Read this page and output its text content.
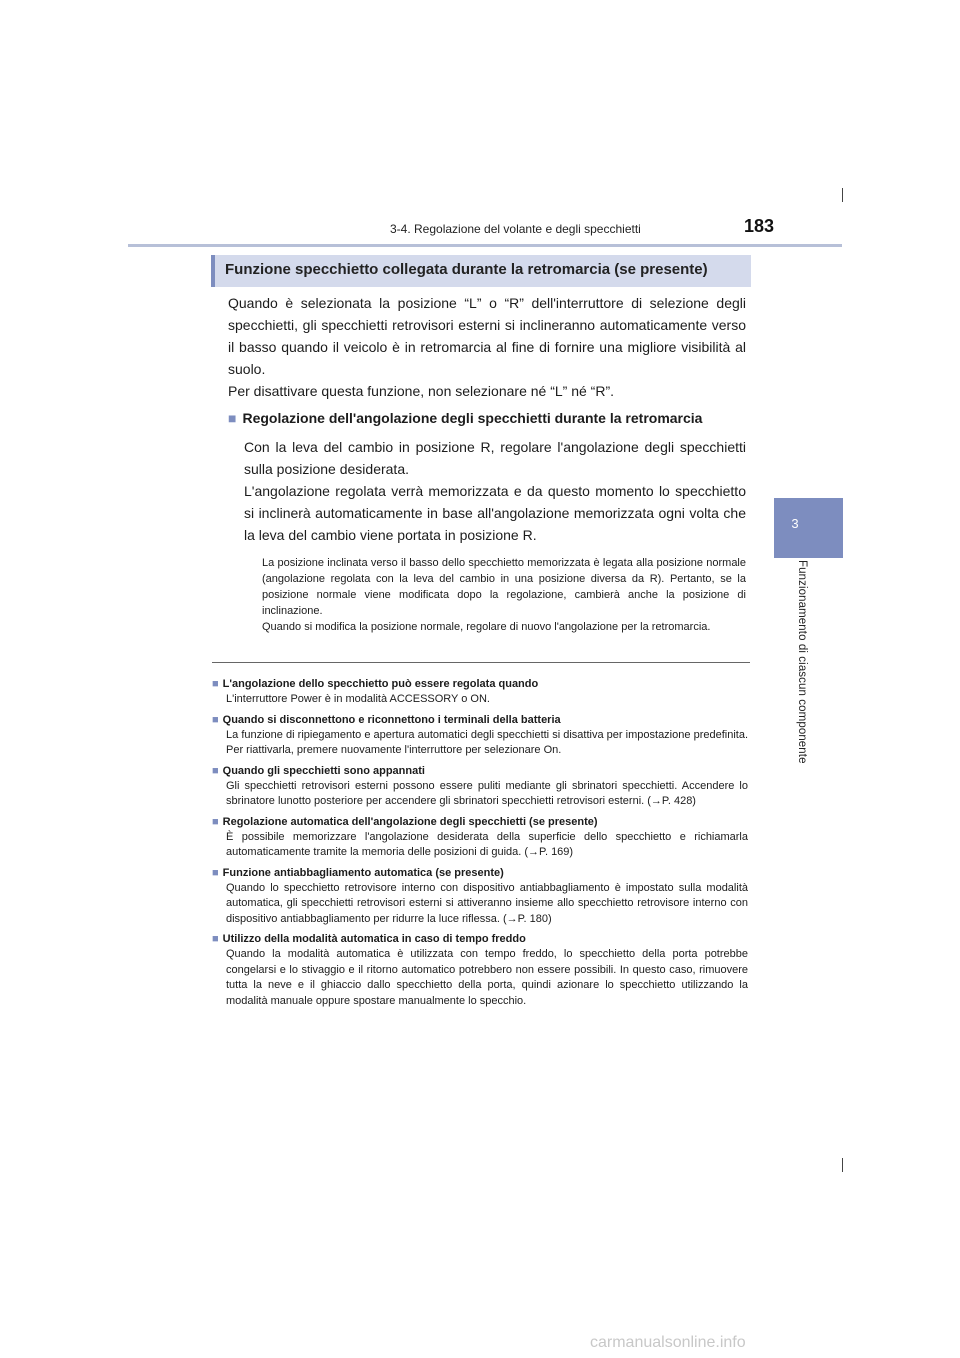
3-4. Regolazione del volante e degli specchietti	183
3
Funzionamento di ciascun componente
Funzione specchietto collegata durante la retromarcia (se presente)

Quando è selezionata la posizione “L” o “R” dell'interruttore di selezione degli specchietti, gli specchietti retrovisori esterni si inclineranno automaticamente verso il basso quando il veicolo è in retromarcia al fine di fornire una migliore visibilità al suolo.

Per disattivare questa funzione, non selezionare né “L” né “R”.

■ Regolazione dell'angolazione degli specchietti durante la retromarcia

Con la leva del cambio in posizione R, regolare l'angolazione degli specchietti sulla posizione desiderata.

L'angolazione regolata verrà memorizzata e da questo momento lo specchietto si inclinerà automaticamente in base all'angolazione memorizzata ogni volta che la leva del cambio viene portata in posizione R.

La posizione inclinata verso il basso dello specchietto memorizzata è legata alla posizione normale (angolazione regolata con la leva del cambio in una posizione diversa da R). Pertanto, se la posizione normale viene modificata dopo la regolazione, cambierà anche la posizione di inclinazione.

Quando si modifica la posizione normale, regolare di nuovo l'angolazione per la retromarcia.

■ L'angolazione dello specchietto può essere regolata quando
L'interruttore Power è in modalità ACCESSORY o ON.
■ Quando si disconnettono e riconnettono i terminali della batteria
La funzione di ripiegamento e apertura automatici degli specchietti si disattiva per impostazione predefinita. Per riattivarla, premere nuovamente l'interruttore per selezionare On.
■ Quando gli specchietti sono appannati
Gli specchietti retrovisori esterni possono essere puliti mediante gli sbrinatori specchietti. Accendere lo sbrinatore lunotto posteriore per accendere gli sbrinatori specchietti retrovisori esterni. (→P. 428)
■ Regolazione automatica dell'angolazione degli specchietti (se presente)
È possibile memorizzare l'angolazione desiderata della superficie dello specchietto e richiamarla automaticamente tramite la memoria delle posizioni di guida. (→P. 169)
■ Funzione antiabbagliamento automatica (se presente)
Quando lo specchietto retrovisore interno con dispositivo antiabbagliamento è impostato sulla modalità automatica, gli specchietti retrovisori esterni si attiveranno insieme allo specchietto retrovisore interno con dispositivo antiabbagliamento per ridurre la luce riflessa. (→P. 180)
■ Utilizzo della modalità automatica in caso di tempo freddo
Quando la modalità automatica è utilizzata con tempo freddo, lo specchietto della porta potrebbe congelarsi e lo stivaggio e il ritorno automatico potrebbero non essere possibili. In questo caso, rimuovere tutta la neve e il ghiaccio dallo specchietto della porta, quindi azionare lo specchietto utilizzando la modalità manuale oppure spostare manualmente lo specchio.
carmanualsonline.info
